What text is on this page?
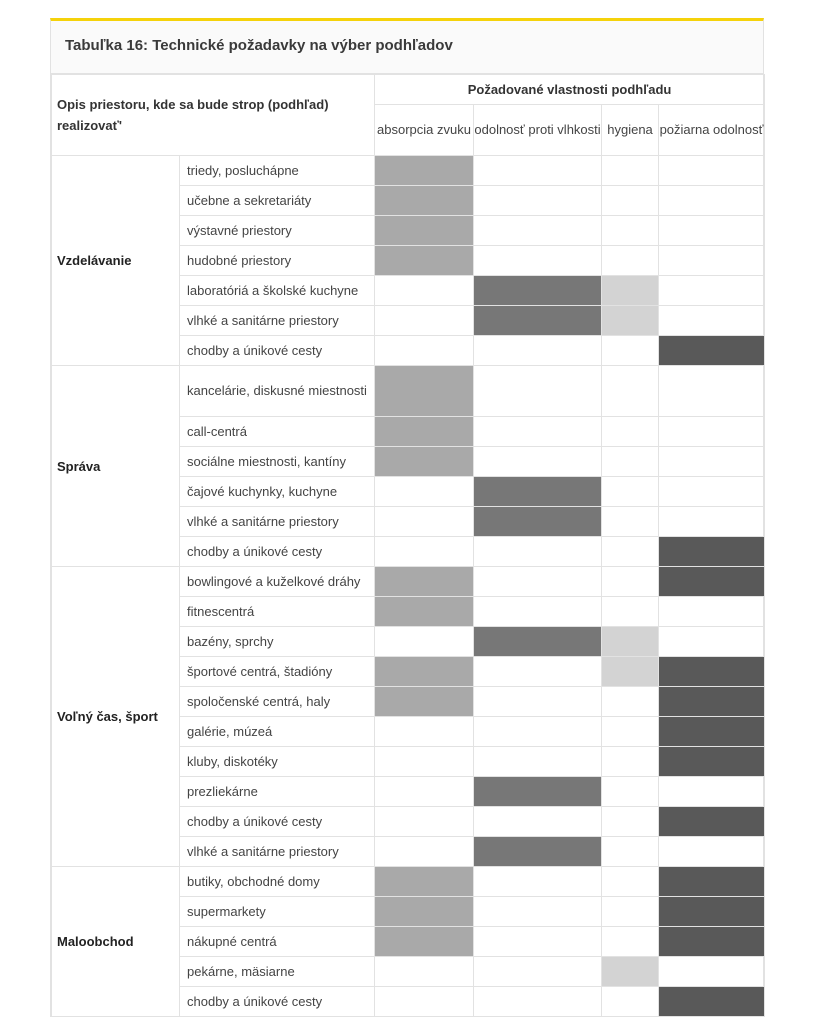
Tabuľka 16: Technické požadavky na výber podhľadov
Opis priestoru, kde sa bude strop (podhľad) realizovať'		Požadované vlastnosti podhľadu			
		absorpcia zvuku	odolnosť proti vlhkosti	hygiena	požiarna odolnosť
Vzdelávanie	triedy, poslucháрne				
	učebne a sekretariáty				
	výstavné priestory				
	hudobné priestory				
	laboratóriá a školské kuchyne				
	vlhké a sanitárne priestory				
	chodby a únikové cesty				
Správa	kancelárie, diskusné miestnosti				
	call-centrá				
	sociálne miestnosti, kantíny				
	čajové kuchynky, kuchyne				
	vlhké a sanitárne priestory				
	chodby a únikové cesty				
Voľný čas, šport	bowlingové a kuželkové dráhy				
	fitnescentrá				
	bazény, sprchy				
	športové centrá, štadióny				
	spoločenské centrá, haly				
	galérie, múzeá				
	kluby, diskotéky				
	prezliekárne				
	chodby a únikové cesty				
	vlhké a sanitárne priestory				
Maloobchod	butiky, obchodné domy				
	supermarkety				
	nákupné centrá				
	pekárne, mäsiarne				
	chodby a únikové cesty				
